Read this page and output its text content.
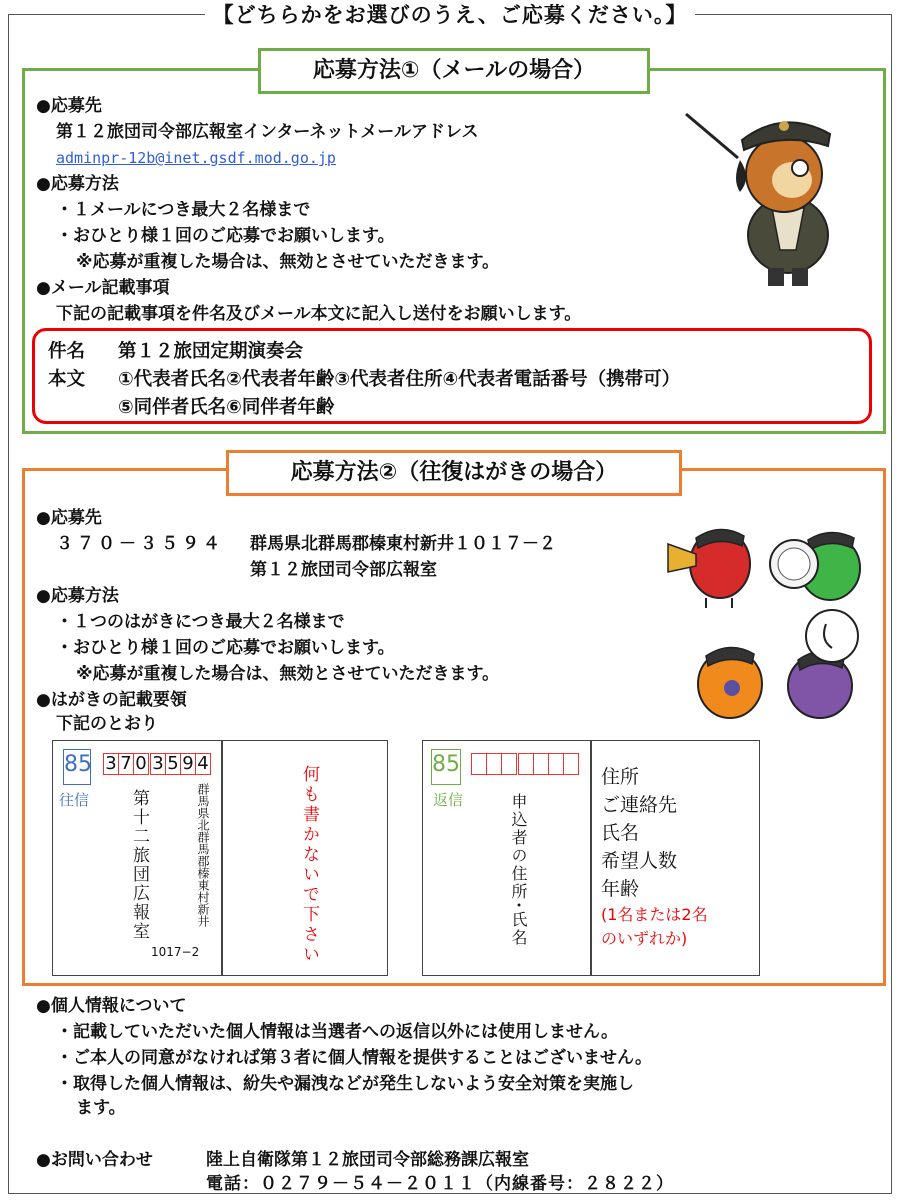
【どちらかをお選びのうえ、ご応募ください。】
応募方法①（メールの場合）
●応募先
第１２旅団司令部広報室インターネットメールアドレス
adminpr-12b@inet.gsdf.mod.go.jp
●応募方法
・１メールにつき最大２名様まで
・おひとり様１回のご応募でお願いします。
※応募が重複した場合は、無効とさせていただきます。
●メール記載事項
下記の記載事項を件名及びメール本文に記入し送付をお願いします。
件名 第１２旅団定期演奏会
本文 ①代表者氏名②代表者年齢③代表者住所④代表者電話番号（携帯可）
⑤同伴者氏名⑥同伴者年齢
応募方法②（往復はがきの場合）
●応募先
３７０－３５９４ 群馬県北群馬郡榛東村新井１０１７－２
第１２旅団司令部広報室
●応募方法
・１つのはがきにつき最大２名様まで
・おひとり様１回のご応募でお願いします。
※応募が重複した場合は、無効とさせていただきます。
●はがきの記載要領
下記のとおり
85
往信
3 7 0 3 5 9 4
第十二旅団広報室	群馬県北群馬郡榛東村新井
1017−2	何も書かないで下さい
85
返信	申込者の住所･氏名
住所
ご連絡先
氏名
希望人数
年齢
(1名または2名
のいずれか)
●個人情報について
・記載していただいた個人情報は当選者への返信以外には使用しません。
・ご本人の同意がなければ第３者に個人情報を提供することはございません。
・取得した個人情報は、紛失や漏洩などが発生しないよう安全対策を実施し
ます。
●お問い合わせ	陸上自衛隊第１２旅団司令部総務課広報室
電話：０２７９－５４－２０１１（内線番号：２８２２）
